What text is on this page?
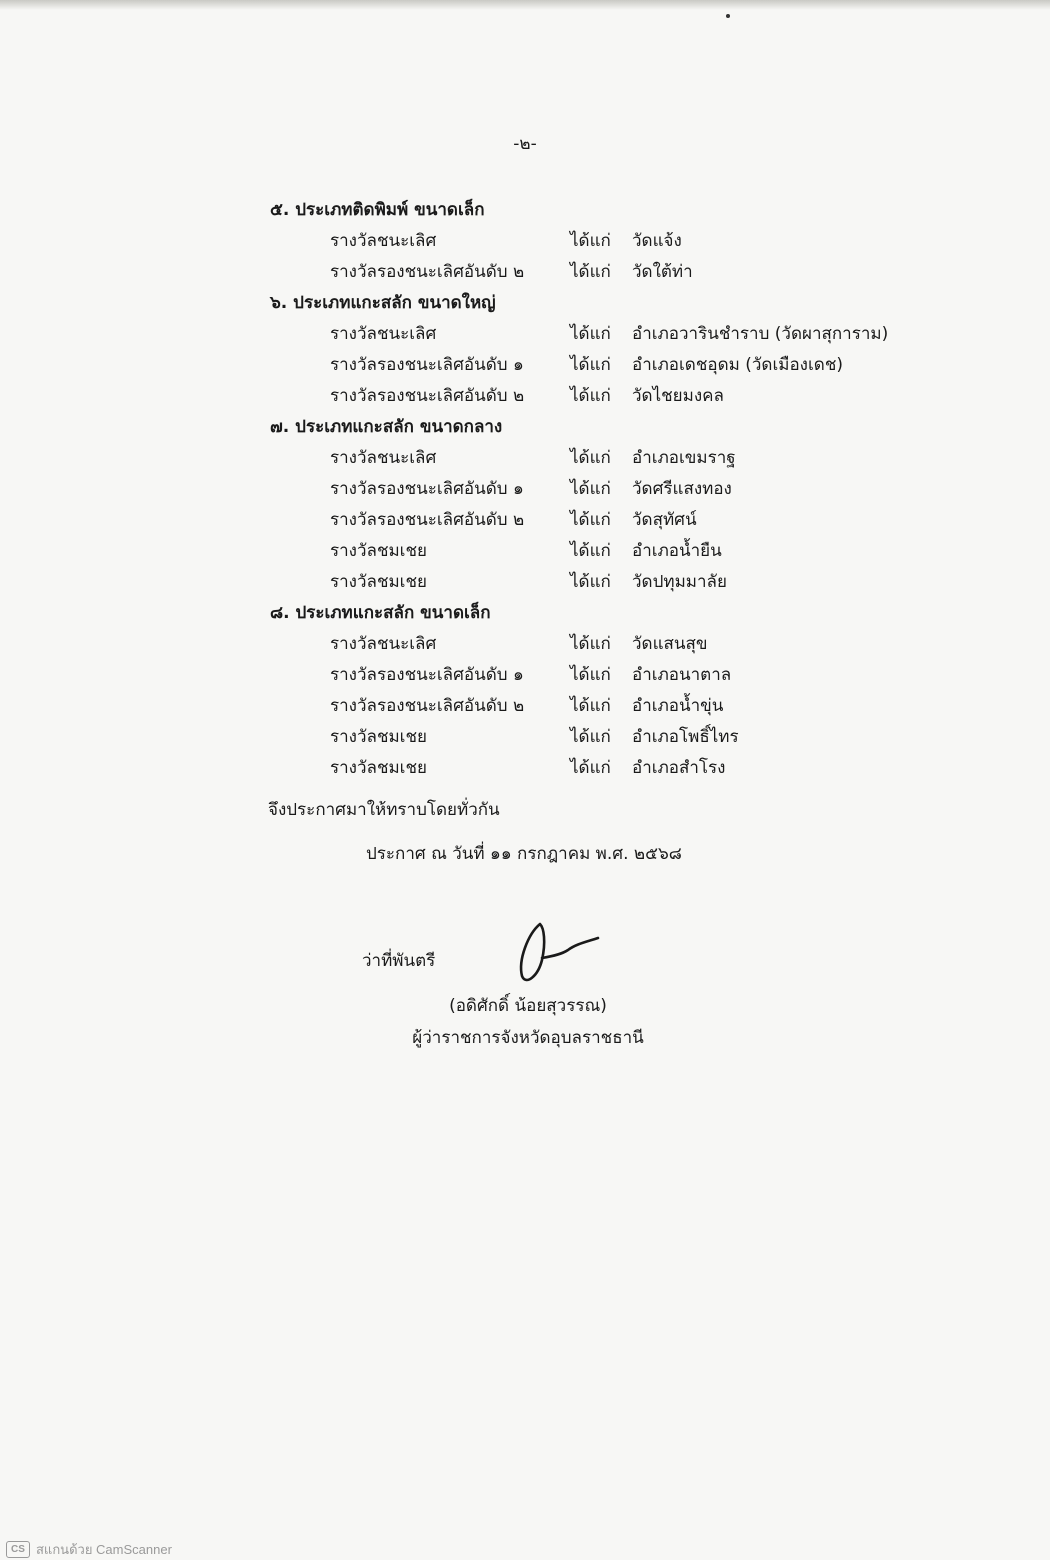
-๒-
๕. ประเภทติดพิมพ์ ขนาดเล็ก
รางวัลชนะเลิศ	ได้แก่ วัดแจ้ง
รางวัลรองชนะเลิศอันดับ ๒	ได้แก่ วัดใต้ท่า
๖. ประเภทแกะสลัก ขนาดใหญ่
รางวัลชนะเลิศ	ได้แก่ อำเภอวารินชำราบ (วัดผาสุการาม)
รางวัลรองชนะเลิศอันดับ ๑	ได้แก่ อำเภอเดชอุดม (วัดเมืองเดช)
รางวัลรองชนะเลิศอันดับ ๒	ได้แก่ วัดไชยมงคล
๗. ประเภทแกะสลัก ขนาดกลาง
รางวัลชนะเลิศ	ได้แก่ อำเภอเขมราฐ
รางวัลรองชนะเลิศอันดับ ๑	ได้แก่ วัดศรีแสงทอง
รางวัลรองชนะเลิศอันดับ ๒	ได้แก่ วัดสุทัศน์
รางวัลชมเชย	ได้แก่ อำเภอน้ำยืน
รางวัลชมเชย	ได้แก่ วัดปทุมมาลัย
๘. ประเภทแกะสลัก ขนาดเล็ก
รางวัลชนะเลิศ	ได้แก่ วัดแสนสุข
รางวัลรองชนะเลิศอันดับ ๑	ได้แก่ อำเภอนาตาล
รางวัลรองชนะเลิศอันดับ ๒	ได้แก่ อำเภอน้ำขุ่น
รางวัลชมเชย	ได้แก่ อำเภอโพธิ์ไทร
รางวัลชมเชย	ได้แก่ อำเภอสำโรง
จึงประกาศมาให้ทราบโดยทั่วกัน
ประกาศ ณ วันที่ ๑๑ กรกฎาคม พ.ศ. ๒๕๖๘
ว่าที่พันตรี
(อดิศักดิ์ น้อยสุวรรณ)
ผู้ว่าราชการจังหวัดอุบลราชธานี
CS สแกนด้วย CamScanner
